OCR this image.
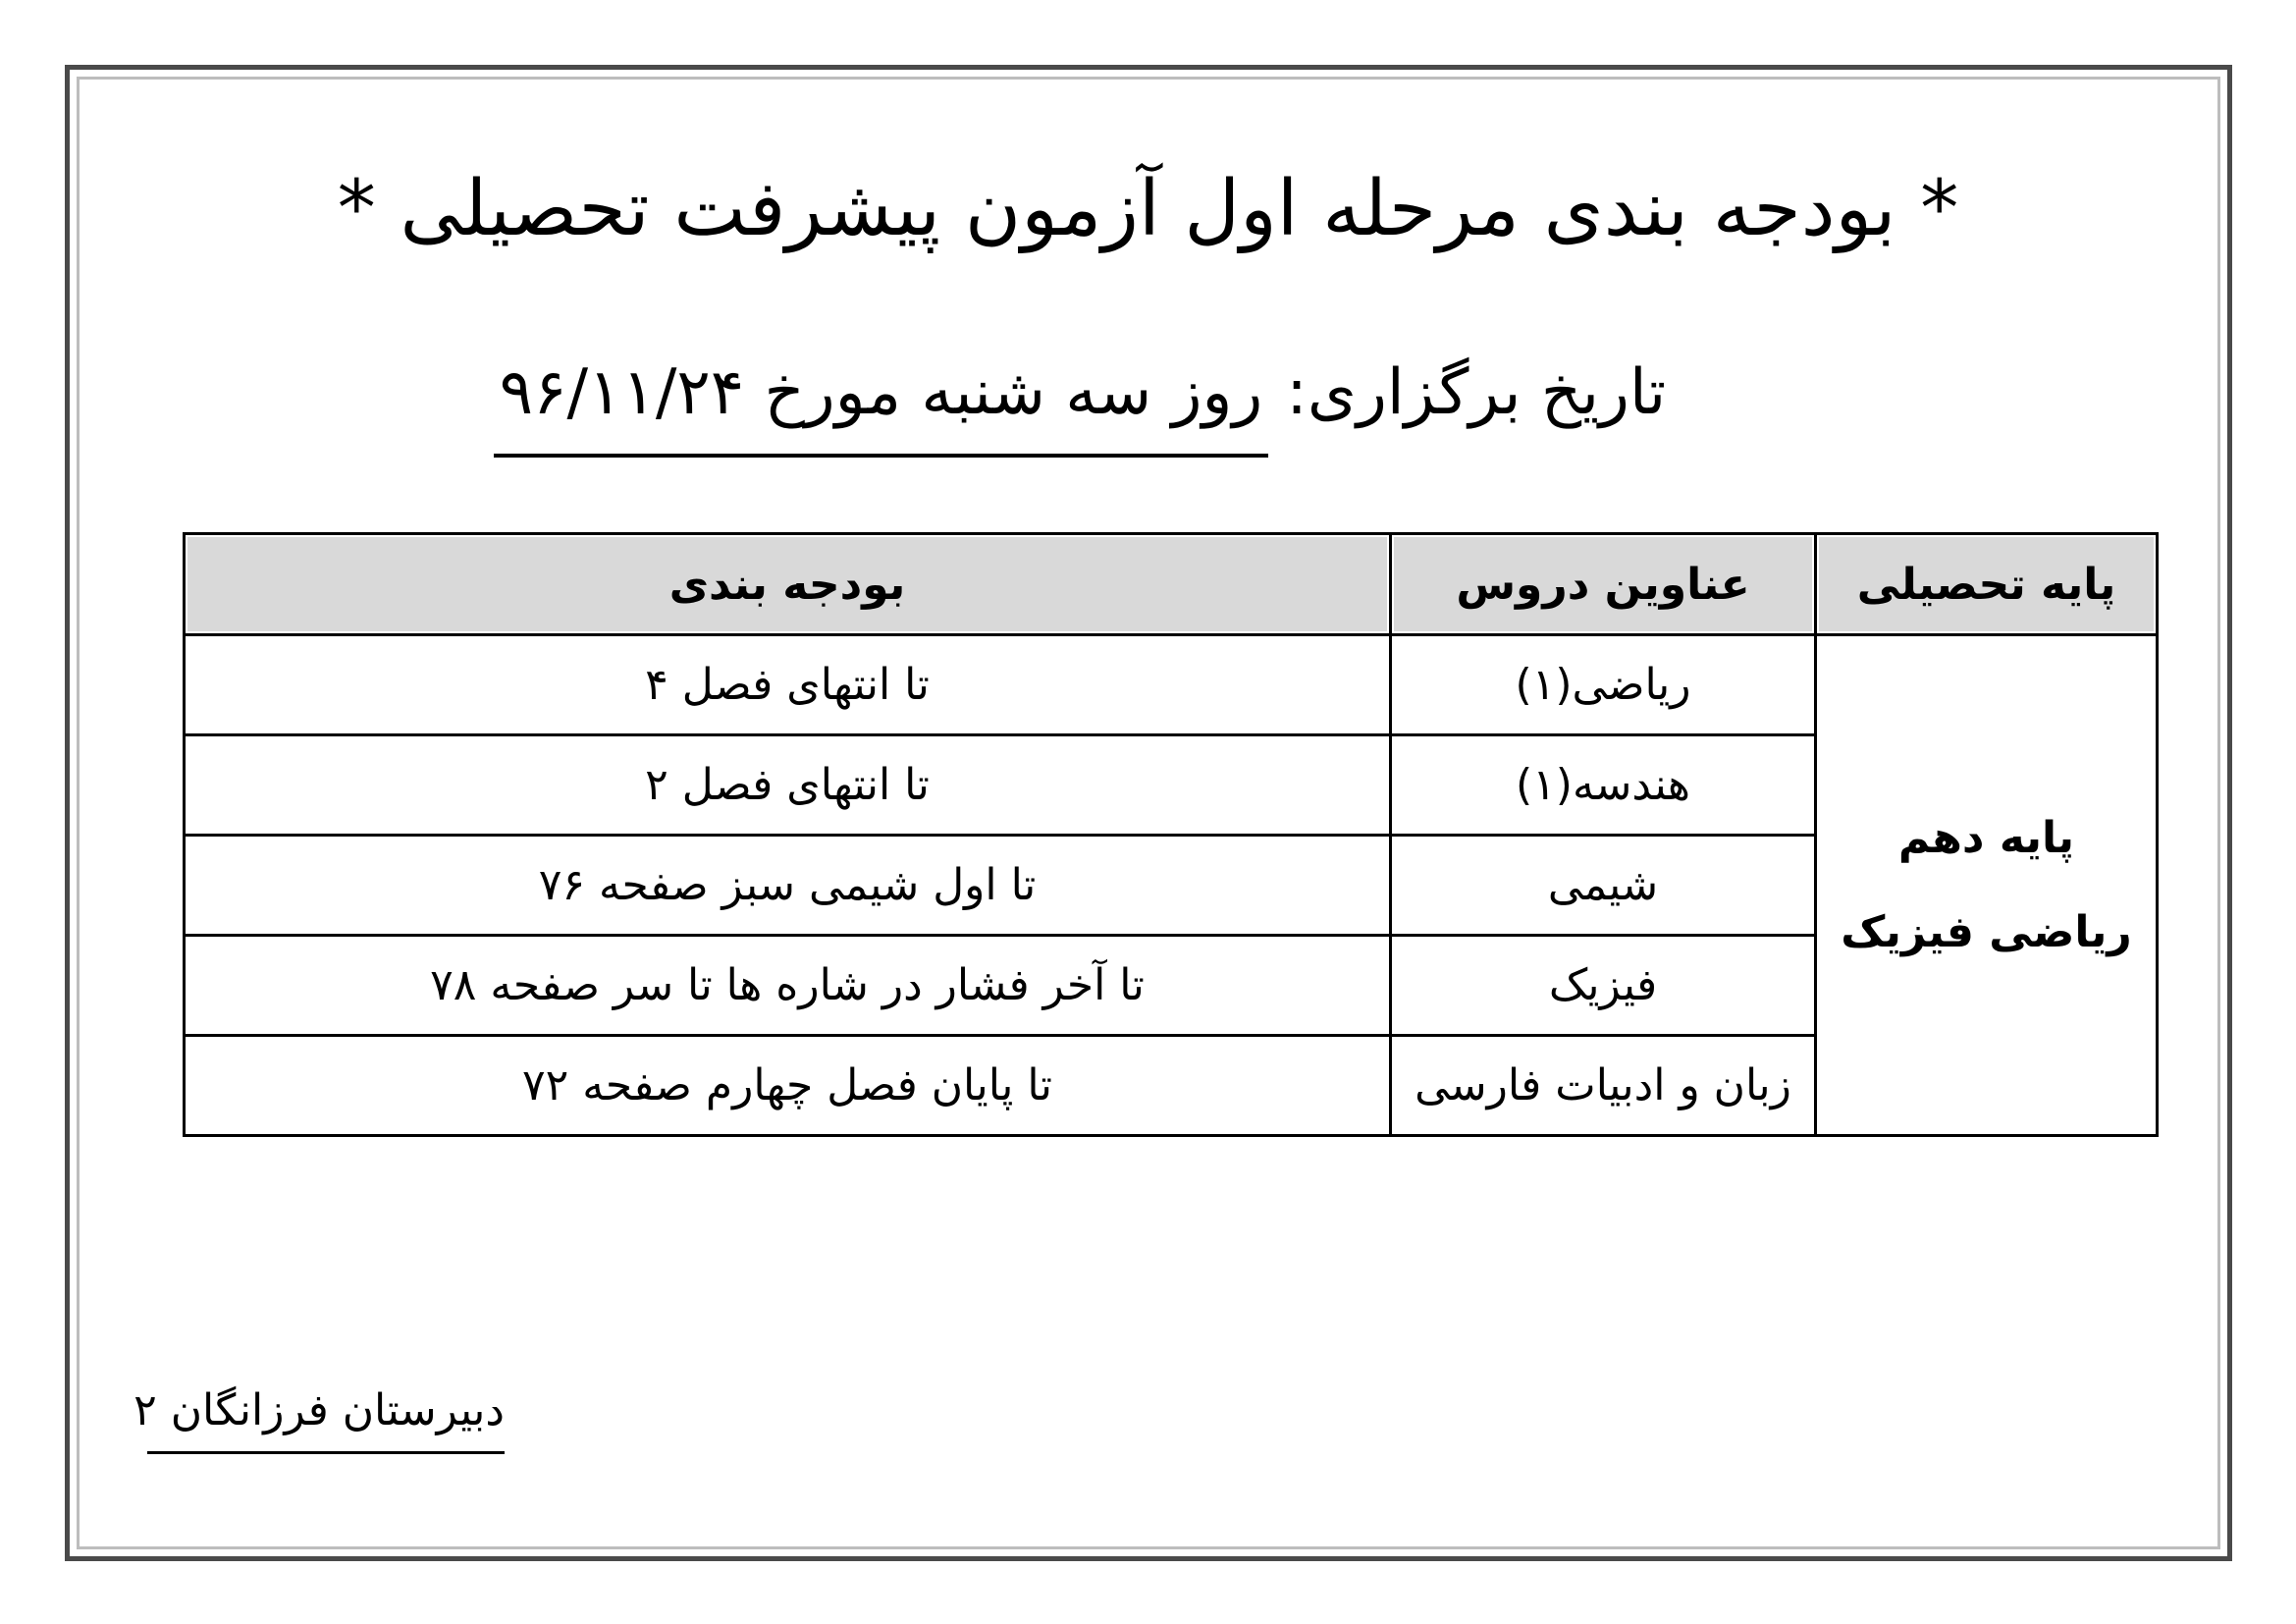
* بودجه بندی مرحله اول آزمون پیشرفت تحصیلی *
تاریخ برگزاری:
روز سه شنبه مورخ ۹۶/۱۱/۲۴
پایه تحصیلی	عناوین دروس	بودجه بندی

پایه دهم
ریاضی فیزیک	ریاضی(۱)	تا انتهای فصل ۴
	هندسه(۱)	تا انتهای فصل ۲
	شیمی	تا اول شیمی سبز صفحه ۷۶
	فیزیک	تا آخر فشار در شاره ها تا سر صفحه ۷۸
	زبان و ادبیات فارسی	تا پایان فصل چهارم صفحه ۷۲
دبیرستان فرزانگان ۲
